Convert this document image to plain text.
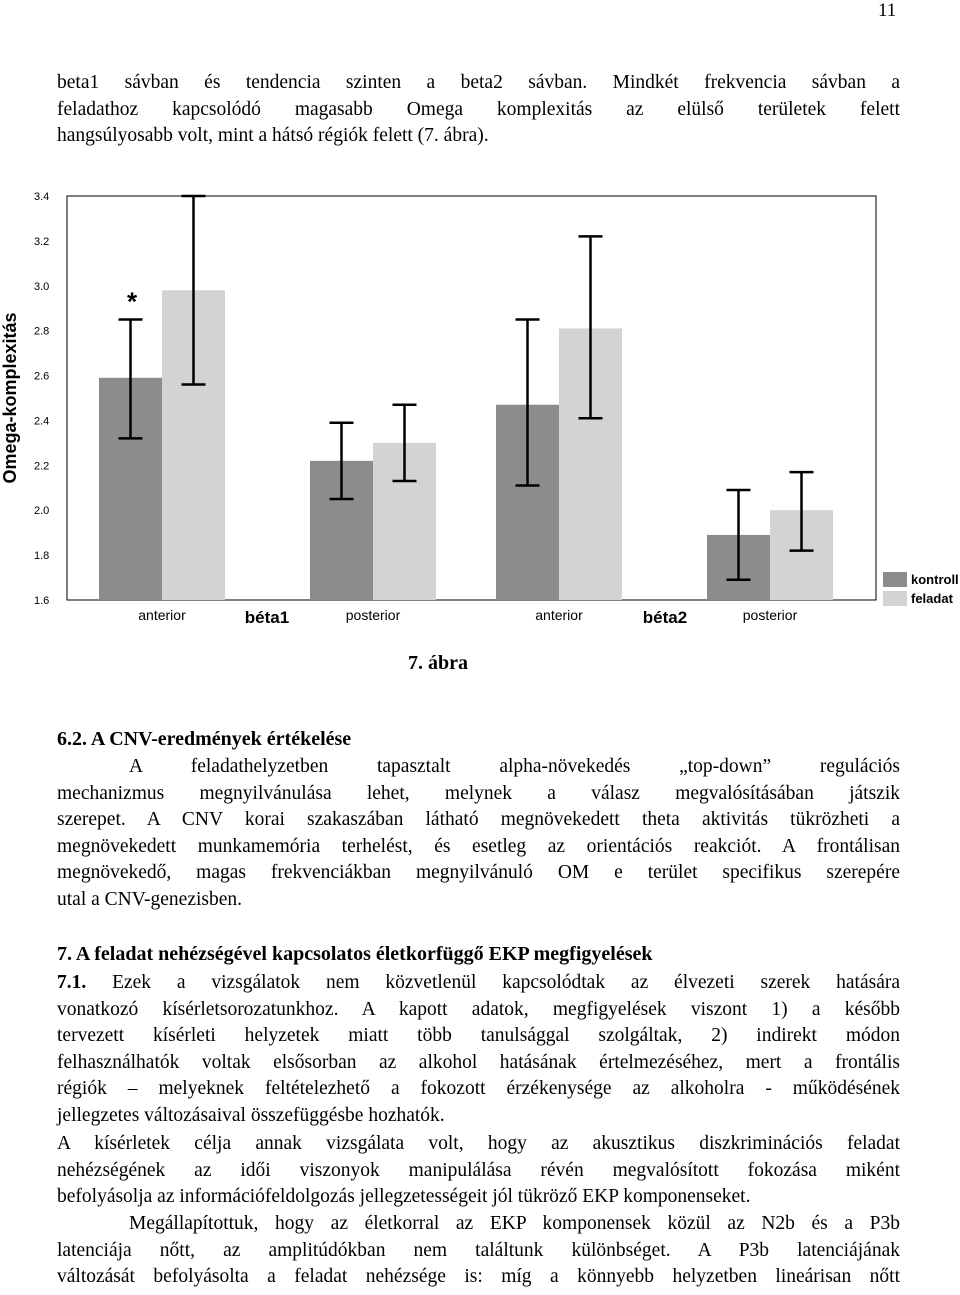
11
beta1 sávban és tendencia szinten a beta2 sávban. Mindkét frekvencia sávban a
feladathoz kapcsolódó magasabb Omega komplexitás az elülső területek felett
hangsúlyosabb volt, mint a hátsó régiók felett (7. ábra).
Omega-komplexitás
1.6
1.8
2.0
2.2
2.4
2.6
2.8
3.0
3.2
3.4
*
anterior	posterior	anterior	posterior
béta1	béta2
kontroll
feladat
7. ábra
6.2. A CNV-eredmények értékelése
A feladathelyzetben tapasztalt alpha-növekedés „top-down” regulációs
mechanizmus megnyilvánulása lehet, melynek a válasz megvalósításában játszik
szerepet. A CNV korai szakaszában látható megnövekedett theta aktivitás tükrözheti a
megnövekedett munkamemória terhelést, és esetleg az orientációs reakciót. A frontálisan
megnövekedő, magas frekvenciákban megnyilvánuló OM e terület specifikus szerepére
utal a CNV-genezisben.
7. A feladat nehézségével kapcsolatos életkorfüggő EKP megfigyelések
7.1. Ezek a vizsgálatok nem közvetlenül kapcsolódtak az élvezeti szerek hatására
vonatkozó kísérletsorozatunkhoz. A kapott adatok, megfigyelések viszont 1) a később
tervezett kísérleti helyzetek miatt több tanulsággal szolgáltak, 2) indirekt módon
felhasználhatók voltak elsősorban az alkohol hatásának értelmezéséhez, mert a frontális
régiók – melyeknek feltételezhető a fokozott érzékenysége az alkoholra - működésének
jellegzetes változásaival összefüggésbe hozhatók.
A kísérletek célja annak vizsgálata volt, hogy az akusztikus diszkriminációs feladat
nehézségének az idői viszonyok manipulálása révén megvalósított fokozása miként
befolyásolja az információfeldolgozás jellegzetességeit jól tükröző EKP komponenseket.
Megállapítottuk, hogy az életkorral az EKP komponensek közül az N2b és a P3b
latenciája nőtt, az amplitúdókban nem találtunk különbséget. A P3b latenciájának
változását befolyásolta a feladat nehézsége is: míg a könnyebb helyzetben lineárisan nőtt
